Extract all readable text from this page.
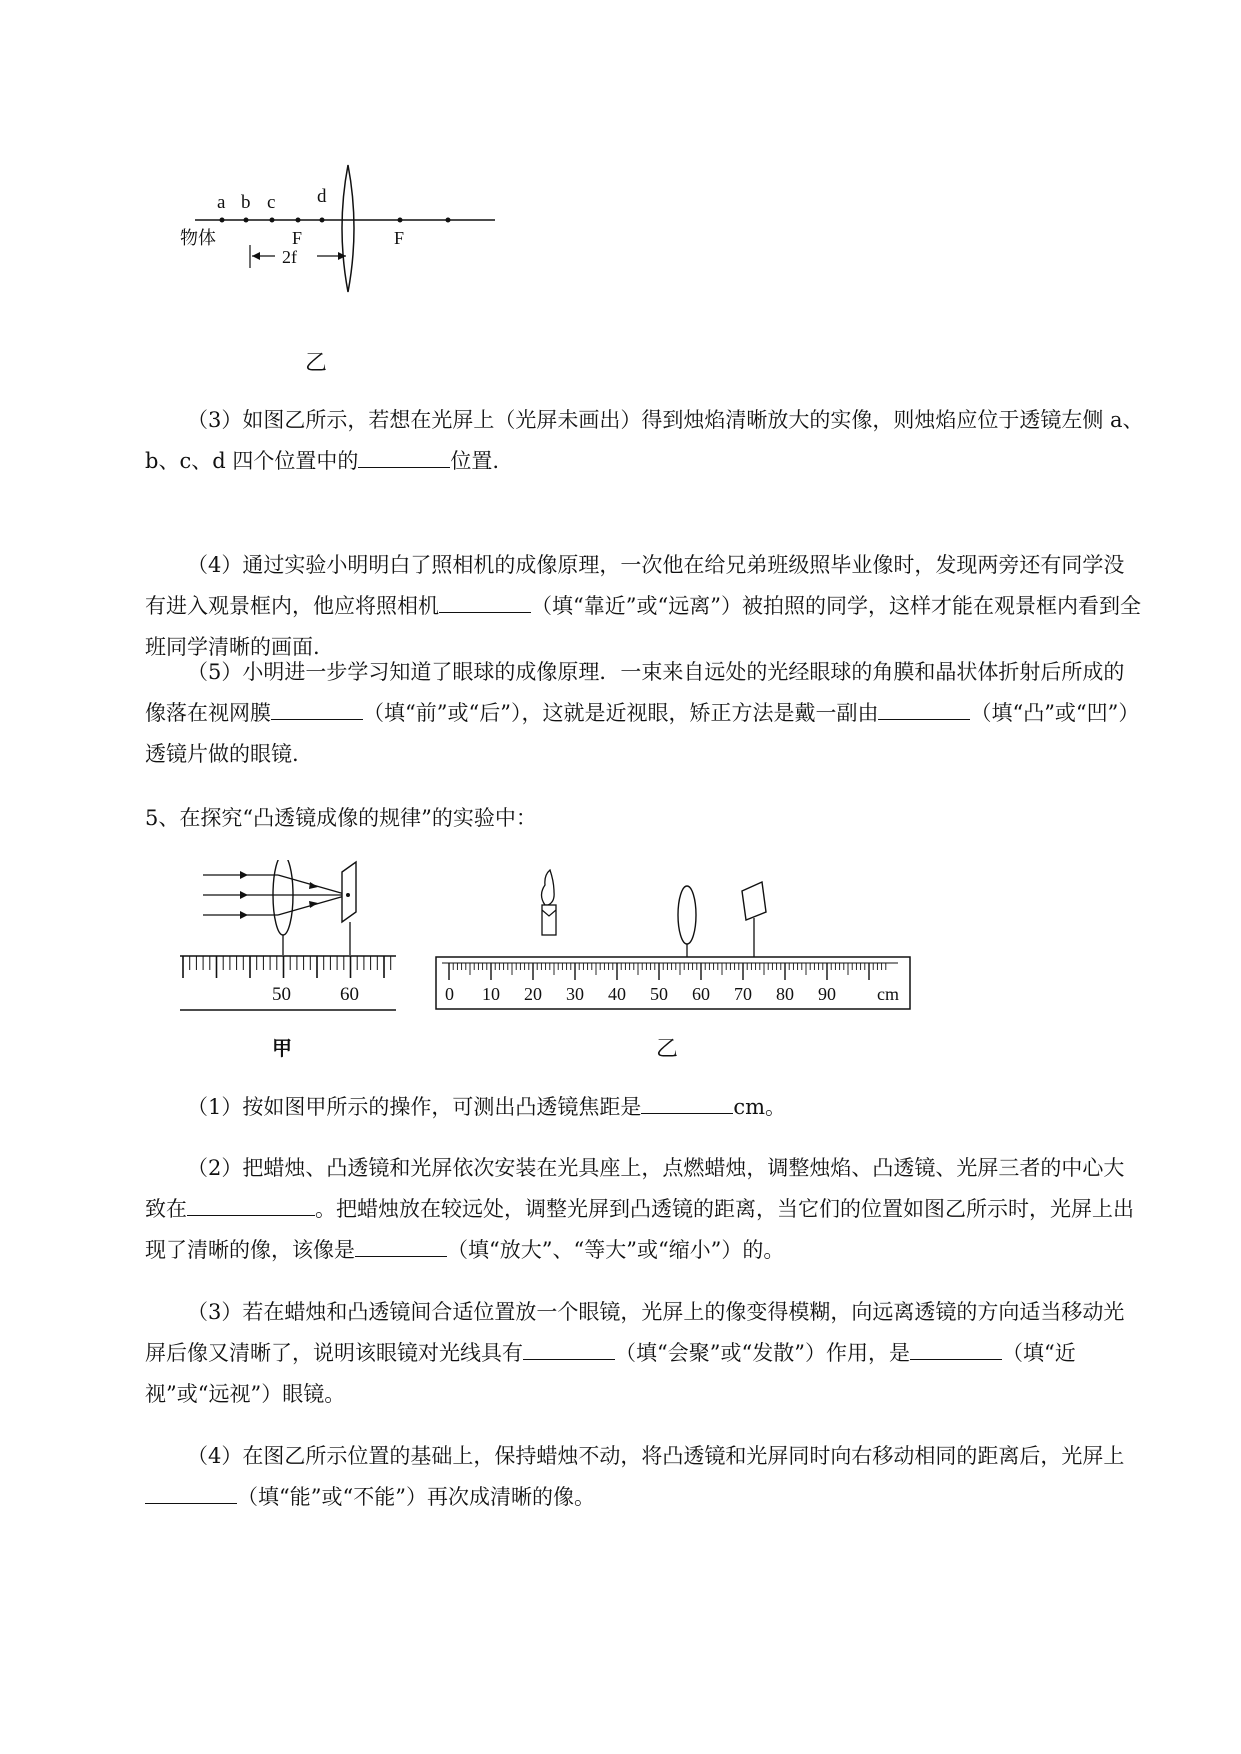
a b c d
物体	F	F
2f
乙
（3）如图乙所示，若想在光屏上（光屏未画出）得到烛焰清晰放大的实像，则烛焰应位于透镜左侧 a、b、c、d 四个位置中的	位置.
（4）通过实验小明明白了照相机的成像原理，一次他在给兄弟班级照毕业像时，发现两旁还有同学没有进入观景框内，他应将照相机	（填“靠近”或“远离”）被拍照的同学，这样才能在观景框内看到全班同学清晰的画面.
（5）小明进一步学习知道了眼球的成像原理．一束来自远处的光经眼球的角膜和晶状体折射后所成的像落在视网膜	（填“前”或“后”），这就是近视眼，矫正方法是戴一副由	（填“凸”或“凹”）透镜片做的眼镜.
5、在探究“凸透镜成像的规律”的实验中：
50	60
甲
0 10 20 30 40 50 60 70 80 90 cm
乙
（1）按如图甲所示的操作，可测出凸透镜焦距是	cm。
（2）把蜡烛、凸透镜和光屏依次安装在光具座上，点燃蜡烛，调整烛焰、凸透镜、光屏三者的中心大致在	。把蜡烛放在较远处，调整光屏到凸透镜的距离，当它们的位置如图乙所示时，光屏上出现了清晰的像，该像是	（填“放大”、“等大”或“缩小”）的。
（3）若在蜡烛和凸透镜间合适位置放一个眼镜，光屏上的像变得模糊，向远离透镜的方向适当移动光屏后像又清晰了，说明该眼镜对光线具有	（填“会聚”或“发散”）作用，是	（填“近视”或“远视”）眼镜。
（4）在图乙所示位置的基础上，保持蜡烛不动，将凸透镜和光屏同时向右移动相同的距离后，光屏上（填“能”或“不能”）再次成清晰的像。
